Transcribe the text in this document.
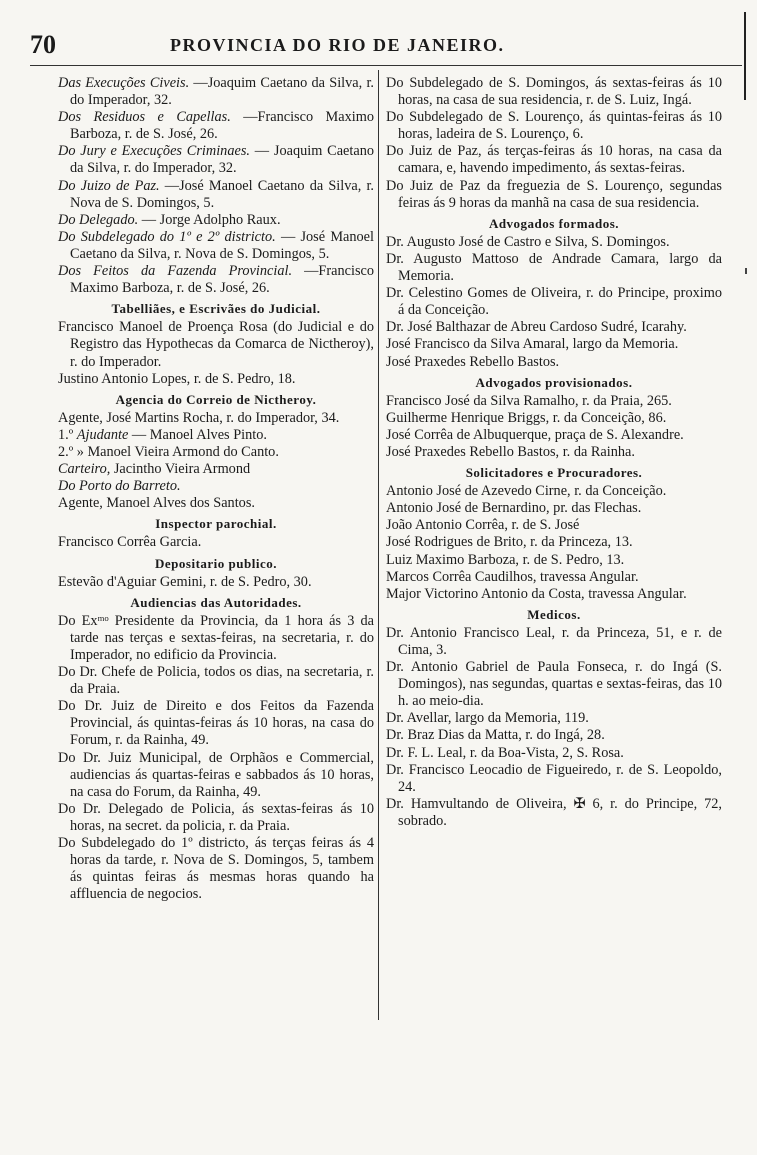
70	PROVINCIA DO RIO DE JANEIRO.

Das Execuções Civeis. —Joaquim Caetano da Silva, r. do Imperador, 32.

Dos Residuos e Capellas. —Francisco Maximo Barboza, r. de S. José, 26.

Do Jury e Execuções Criminaes. — Joaquim Caetano da Silva, r. do Imperador, 32.

Do Juizo de Paz. —José Manoel Caetano da Silva, r. Nova de S. Domingos, 5.

Do Delegado. — Jorge Adolpho Raux.

Do Subdelegado do 1º e 2º districto. — José Manoel Caetano da Silva, r. Nova de S. Domingos, 5.

Dos Feitos da Fazenda Provincial. —Francisco Maximo Barboza, r. de S. José, 26.

Tabelliães, e Escrivães do Judicial.

Francisco Manoel de Proença Rosa (do Judicial e do Registro das Hypothecas da Comarca de Nictheroy), r. do Imperador.

Justino Antonio Lopes, r. de S. Pedro, 18.

Agencia do Correio de Nictheroy.

Agente, José Martins Rocha, r. do Imperador, 34.

1.º Ajudante — Manoel Alves Pinto.

2.º » Manoel Vieira Armond do Canto.

Carteiro, Jacintho Vieira Armond

Do Porto do Barreto.

Agente, Manoel Alves dos Santos.

Inspector parochial.

Francisco Corrêa Garcia.

Depositario publico.

Estevão d'Aguiar Gemini, r. de S. Pedro, 30.

Audiencias das Autoridades.

Do Exᵐᵒ Presidente da Provincia, da 1 hora ás 3 da tarde nas terças e sextas-feiras, na secretaria, r. do Imperador, no edificio da Provincia.

Do Dr. Chefe de Policia, todos os dias, na secretaria, r. da Praia.

Do Dr. Juiz de Direito e dos Feitos da Fazenda Provincial, ás quintas-feiras ás 10 horas, na casa do Forum, r. da Rainha, 49.

Do Dr. Juiz Municipal, de Orphãos e Commercial, audiencias ás quartas-feiras e sabbados ás 10 horas, na casa do Forum, da Rainha, 49.

Do Dr. Delegado de Policia, ás sextas-feiras ás 10 horas, na secret. da policia, r. da Praia.

Do Subdelegado do 1º districto, ás terças feiras ás 4 horas da tarde, r. Nova de S. Domingos, 5, tambem ás quintas feiras ás mesmas horas quando ha affluencia de negocios.

Do Subdelegado de S. Domingos, ás sextas-feiras ás 10 horas, na casa de sua residencia, r. de S. Luiz, Ingá.

Do Subdelegado de S. Lourenço, ás quintas-feiras ás 10 horas, ladeira de S. Lourenço, 6.

Do Juiz de Paz, ás terças-feiras ás 10 horas, na casa da camara, e, havendo impedimento, ás sextas-feiras.

Do Juiz de Paz da freguezia de S. Lourenço, segundas feiras ás 9 horas da manhã na casa de sua residencia.

Advogados formados.

Dr. Augusto José de Castro e Silva, S. Domingos.

Dr. Augusto Mattoso de Andrade Camara, largo da Memoria.

Dr. Celestino Gomes de Oliveira, r. do Principe, proximo á da Conceição.

Dr. José Balthazar de Abreu Cardoso Sudré, Icarahy.

José Francisco da Silva Amaral, largo da Memoria.

José Praxedes Rebello Bastos.

Advogados provisionados.

Francisco José da Silva Ramalho, r. da Praia, 265.

Guilherme Henrique Briggs, r. da Conceição, 86.

José Corrêa de Albuquerque, praça de S. Alexandre.

José Praxedes Rebello Bastos, r. da Rainha.

Solicitadores e Procuradores.

Antonio José de Azevedo Cirne, r. da Conceição.

Antonio José de Bernardino, pr. das Flechas.

João Antonio Corrêa, r. de S. José

José Rodrigues de Brito, r. da Princeza, 13.

Luiz Maximo Barboza, r. de S. Pedro, 13.

Marcos Corrêa Caudilhos, travessa Angular.

Major Victorino Antonio da Costa, travessa Angular.

Medicos.

Dr. Antonio Francisco Leal, r. da Princeza, 51, e r. de Cima, 3.

Dr. Antonio Gabriel de Paula Fonseca, r. do Ingá (S. Domingos), nas segundas, quartas e sextas-feiras, das 10 h. ao meio-dia.

Dr. Avellar, largo da Memoria, 119.

Dr. Braz Dias da Matta, r. do Ingá, 28.

Dr. F. L. Leal, r. da Boa-Vista, 2, S. Rosa.

Dr. Francisco Leocadio de Figueiredo, r. de S. Leopoldo, 24.

Dr. Hamvultando de Oliveira, ✠ 6, r. do Principe, 72, sobrado.
